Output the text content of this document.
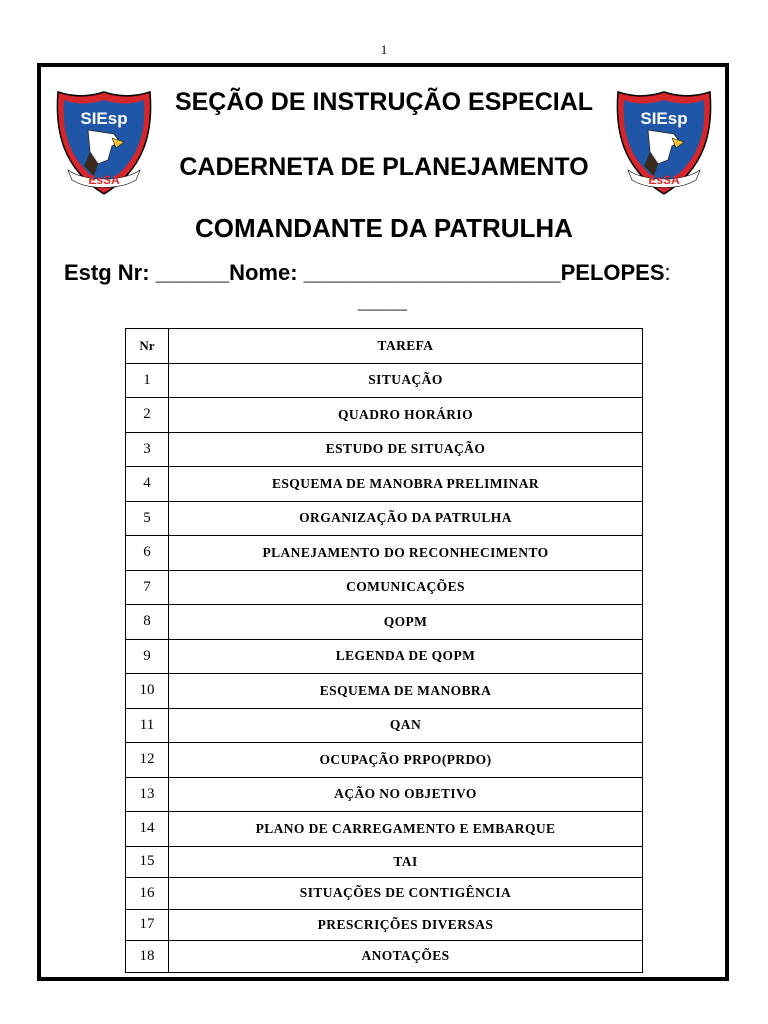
1
SIEsp
EsSA
SIEsp
EsSA
SEÇÃO DE INSTRUÇÃO ESPECIAL
CADERNETA DE PLANEJAMENTO
COMANDANTE DA PATRULHA
Estg Nr: ______Nome: _____________________PELOPES:
____
Nr	TAREFA
1	SITUAÇÃO
2	QUADRO HORÁRIO
3	ESTUDO DE SITUAÇÃO
4	ESQUEMA DE MANOBRA PRELIMINAR
5	ORGANIZAÇÃO DA PATRULHA
6	PLANEJAMENTO DO RECONHECIMENTO
7	COMUNICAÇÕES
8	QOPM
9	LEGENDA DE QOPM
10	ESQUEMA DE MANOBRA
11	QAN
12	OCUPAÇÃO PRPO(PRDO)
13	AÇÃO NO OBJETIVO
14	PLANO DE CARREGAMENTO E EMBARQUE
15	TAI
16	SITUAÇÕES DE CONTIGÊNCIA
17	PRESCRIÇÕES DIVERSAS
18	ANOTAÇÕES
